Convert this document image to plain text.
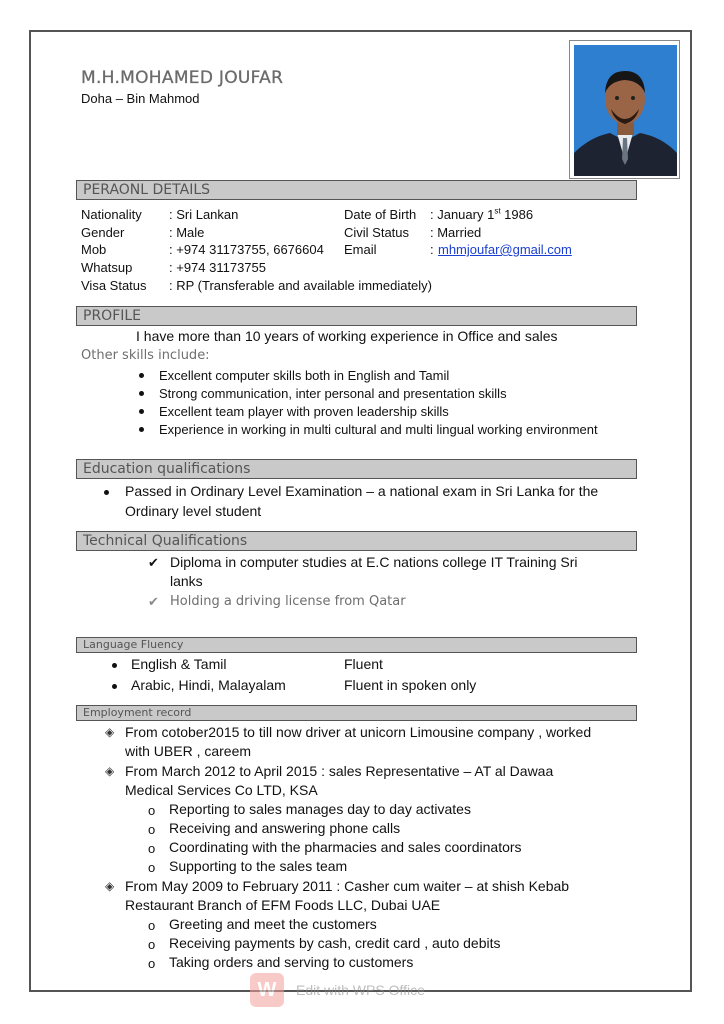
M.H.MOHAMED JOUFAR
Doha – Bin Mahmod
PERAONL DETAILS
Nationality : Sri Lankan
Gender	: Male
Mob	: +974 31173755, 6676604
Whatsup	: +974 31173755
Visa Status : RP (Transferable and available immediately)
Date of Birth : January 1st 1986
Civil Status : Married
Email	: mhmjoufar@gmail.com
PROFILE
I have more than 10 years of working experience in Office and sales
Other skills include:
Excellent computer skills both in English and Tamil
Strong communication, inter personal and presentation skills
Excellent team player with proven leadership skills
Experience in working in multi cultural and multi lingual working environment
Education qualifications
Passed in Ordinary Level Examination – a national exam in Sri Lanka for the
Ordinary level student
Technical Qualifications
✔ Diploma in computer studies at E.C nations college IT Training Sri
lanks
✔ Holding a driving license from Qatar
Language Fluency
English & Tamil	Fluent
Arabic, Hindi, Malayalam	Fluent in spoken only
Employment record
◈ From cotober2015 to till now driver at unicorn Limousine company , worked
with UBER , careem
◈ From March 2012 to April 2015 : sales Representative – AT al Dawaa
Medical Services Co LTD, KSA
o Reporting to sales manages day to day activates
o Receiving and answering phone calls
o Coordinating with the pharmacies and sales coordinators
o Supporting to the sales team
◈ From May 2009 to February 2011 : Casher cum waiter – at shish Kebab
Restaurant Branch of EFM Foods LLC, Dubai UAE
o Greeting and meet the customers
o Receiving payments by cash, credit card , auto debits
o Taking orders and serving to customers
W	Edit with WPS Office
